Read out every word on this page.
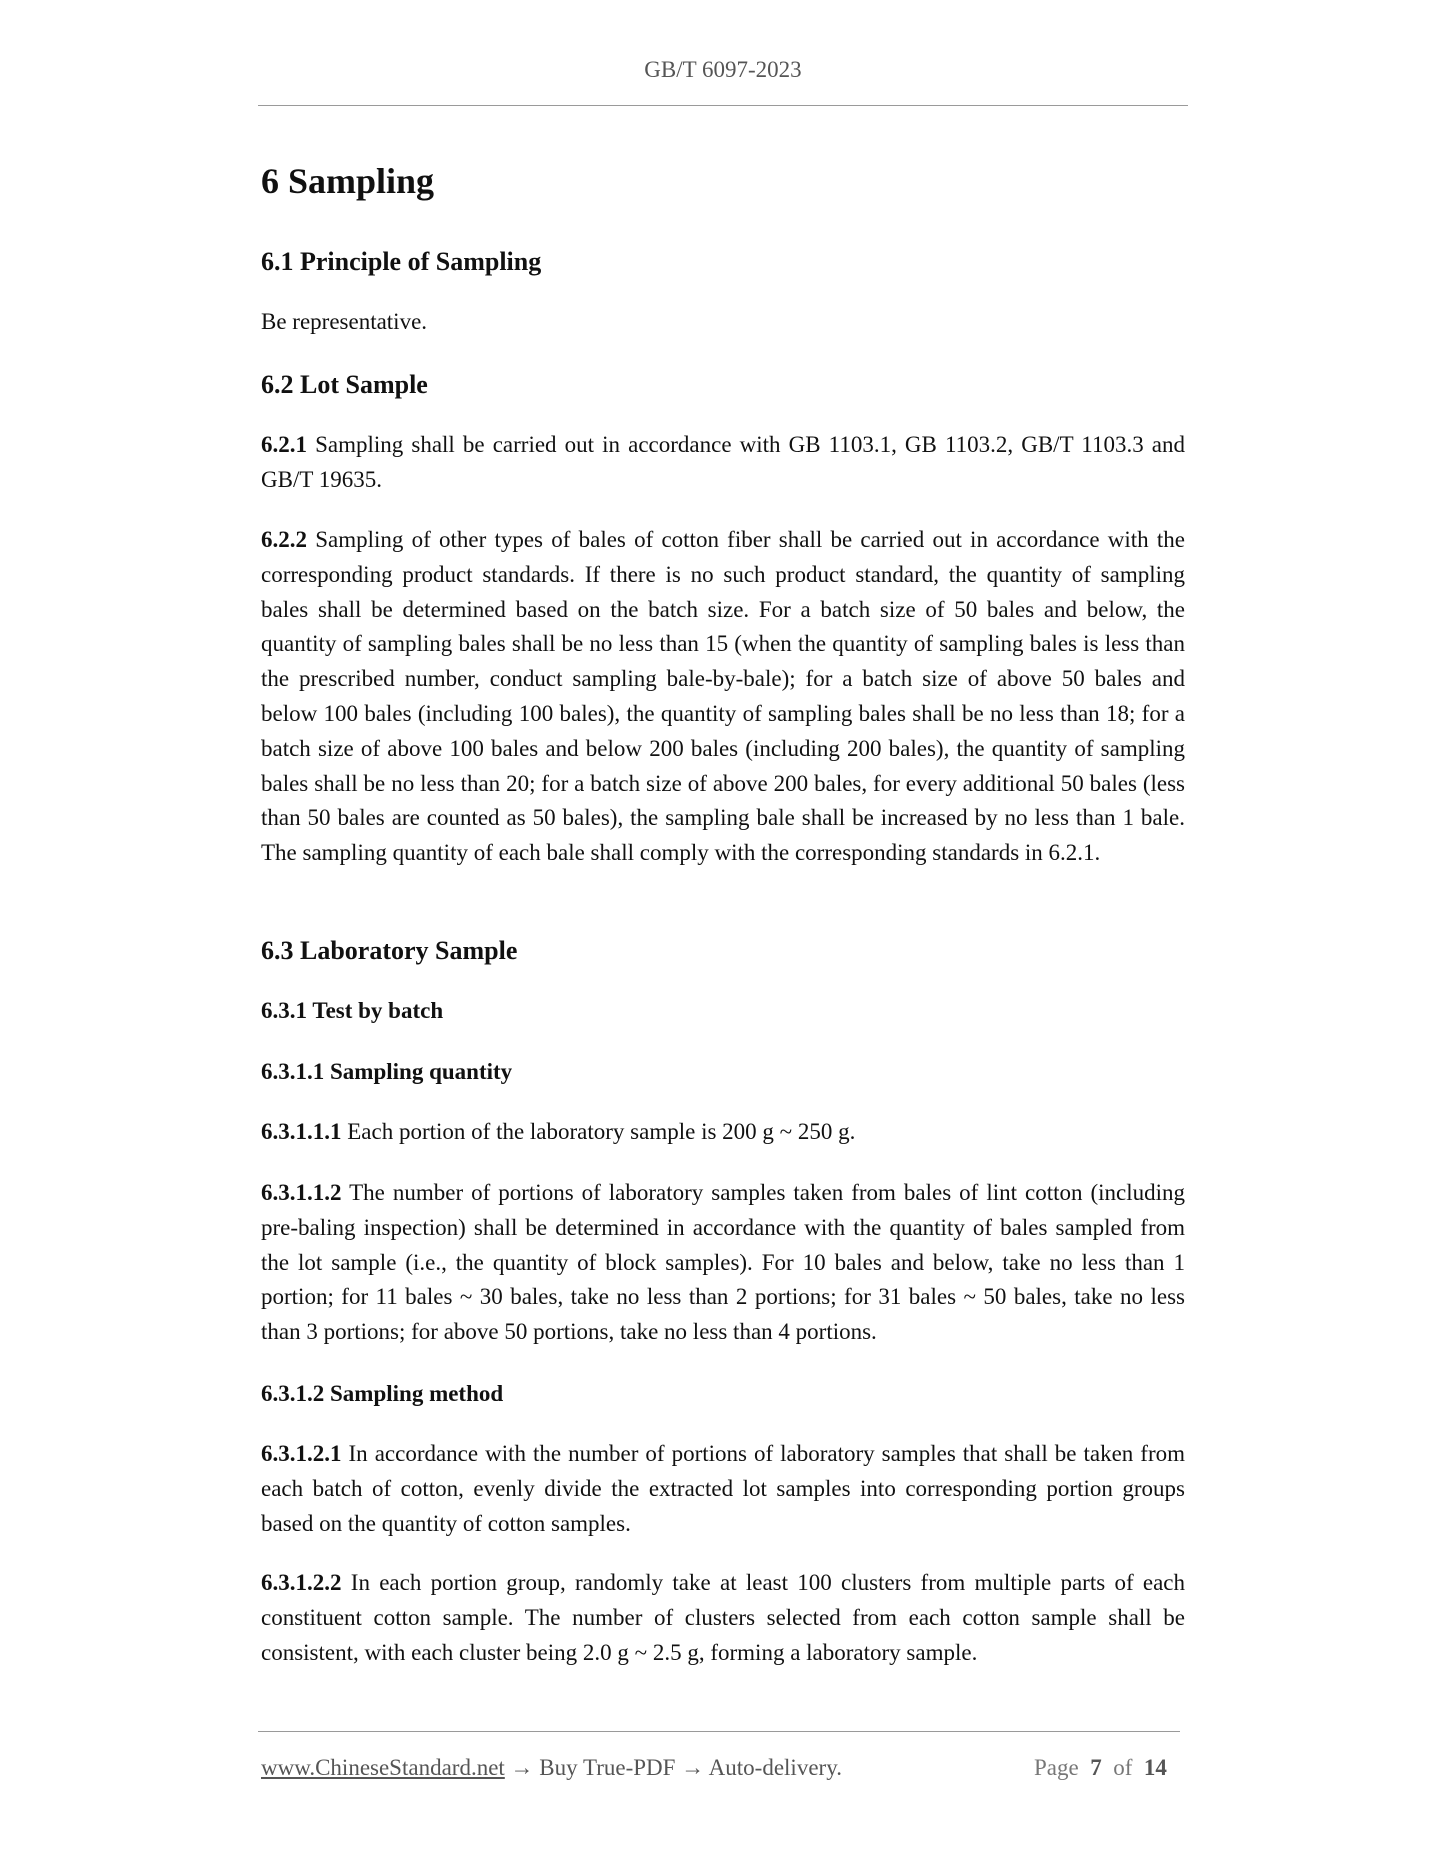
GB/T 6097-2023
6 Sampling
6.1 Principle of Sampling

Be representative.

6.2 Lot Sample

6.2.1 Sampling shall be carried out in accordance with GB 1103.1, GB 1103.2, GB/T 1103.3 and GB/T 19635.

6.2.2 Sampling of other types of bales of cotton fiber shall be carried out in accordance with the corresponding product standards. If there is no such product standard, the quantity of sampling bales shall be determined based on the batch size. For a batch size of 50 bales and below, the quantity of sampling bales shall be no less than 15 (when the quantity of sampling bales is less than the prescribed number, conduct sampling bale-by-bale); for a batch size of above 50 bales and below 100 bales (including 100 bales), the quantity of sampling bales shall be no less than 18; for a batch size of above 100 bales and below 200 bales (including 200 bales), the quantity of sampling bales shall be no less than 20; for a batch size of above 200 bales, for every additional 50 bales (less than 50 bales are counted as 50 bales), the sampling bale shall be increased by no less than 1 bale. The sampling quantity of each bale shall comply with the corresponding standards in 6.2.1.

6.3 Laboratory Sample
6.3.1 Test by batch
6.3.1.1 Sampling quantity

6.3.1.1.1 Each portion of the laboratory sample is 200 g ~ 250 g.

6.3.1.1.2 The number of portions of laboratory samples taken from bales of lint cotton (including pre-baling inspection) shall be determined in accordance with the quantity of bales sampled from the lot sample (i.e., the quantity of block samples). For 10 bales and below, take no less than 1 portion; for 11 bales ~ 30 bales, take no less than 2 portions; for 31 bales ~ 50 bales, take no less than 3 portions; for above 50 portions, take no less than 4 portions.

6.3.1.2 Sampling method

6.3.1.2.1 In accordance with the number of portions of laboratory samples that shall be taken from each batch of cotton, evenly divide the extracted lot samples into corresponding portion groups based on the quantity of cotton samples.

6.3.1.2.2 In each portion group, randomly take at least 100 clusters from multiple parts of each constituent cotton sample. The number of clusters selected from each cotton sample shall be consistent, with each cluster being 2.0 g ~ 2.5 g, forming a laboratory sample.

www.ChineseStandard.net → Buy True-PDF → Auto-delivery.	Page 7 of 14
